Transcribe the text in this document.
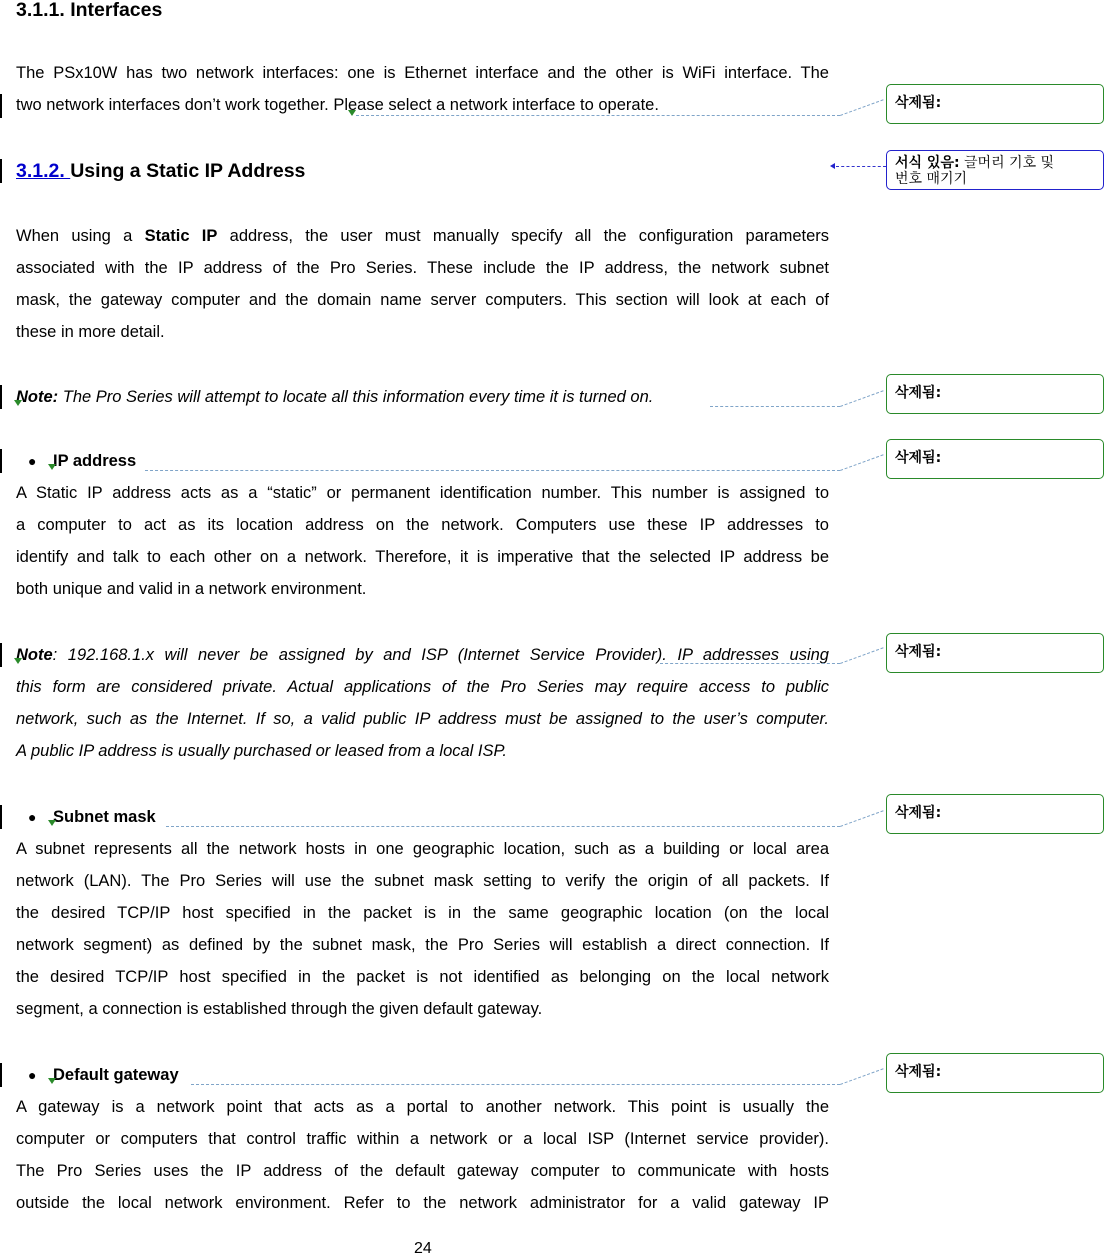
3.1.1. Interfaces
The PSx10W has two network interfaces: one is Ethernet interface and the other is WiFi interface. The
two network interfaces don’t work together. Please select a network interface to operate.
3.1.2. Using a Static IP Address
When using a Static IP address, the user must manually specify all the configuration parameters
associated with the IP address of the Pro Series. These include the IP address, the network subnet
mask, the gateway computer and the domain name server computers. This section will look at each of
these in more detail.
Note: The Pro Series will attempt to locate all this information every time it is turned on.
● IP address
A Static IP address acts as a “static” or permanent identification number. This number is assigned to
a computer to act as its location address on the network. Computers use these IP addresses to
identify and talk to each other on a network. Therefore, it is imperative that the selected IP address be
both unique and valid in a network environment.
Note: 192.168.1.x will never be assigned by and ISP (Internet Service Provider). IP addresses using
this form are considered private. Actual applications of the Pro Series may require access to public
network, such as the Internet. If so, a valid public IP address must be assigned to the user’s computer.
A public IP address is usually purchased or leased from a local ISP.
● Subnet mask
A subnet represents all the network hosts in one geographic location, such as a building or local area
network (LAN). The Pro Series will use the subnet mask setting to verify the origin of all packets. If
the desired TCP/IP host specified in the packet is in the same geographic location (on the local
network segment) as defined by the subnet mask, the Pro Series will establish a direct connection. If
the desired TCP/IP host specified in the packet is not identified as belonging on the local network
segment, a connection is established through the given default gateway.
● Default gateway
A gateway is a network point that acts as a portal to another network. This point is usually the
computer or computers that control traffic within a network or a local ISP (Internet service provider).
The Pro Series uses the IP address of the default gateway computer to communicate with hosts
outside the local network environment. Refer to the network administrator for a valid gateway IP
삭제됨:
서식 있음: 글머리 기호 및
번호 매기기
삭제됨:
삭제됨:
삭제됨:
삭제됨:
삭제됨:
24
